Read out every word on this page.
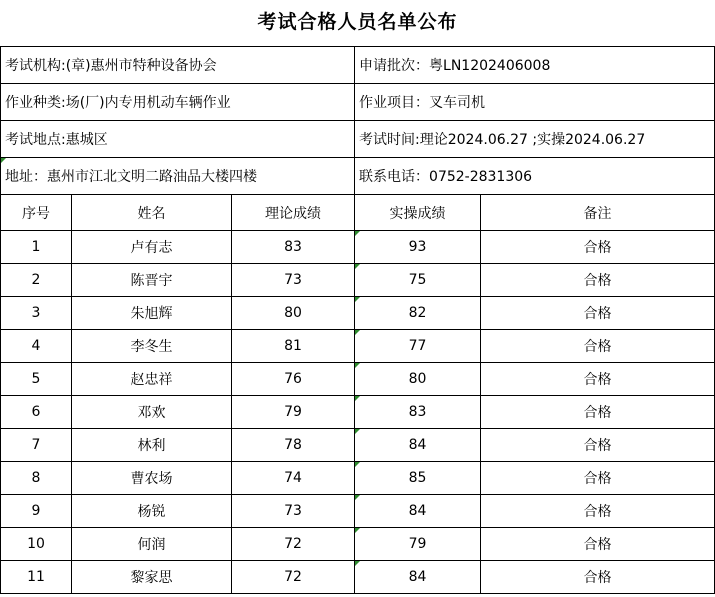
考试合格人员名单公布
考试机构:(章)惠州市特种设备协会			申请批次：粤LN1202406008	
作业种类:场(厂)内专用机动车辆作业			作业项目：叉车司机	
考试地点:惠城区			考试时间:理论2024.06.27 ;实操2024.06.27	
地址：惠州市江北文明二路油品大楼四楼			联系电话：0752-2831306	
序号	姓名	理论成绩	实操成绩	备注
1	卢有志	83	93	合格
2	陈晋宇	73	75	合格
3	朱旭辉	80	82	合格
4	李冬生	81	77	合格
5	赵忠祥	76	80	合格
6	邓欢	79	83	合格
7	林利	78	84	合格
8	曹农场	74	85	合格
9	杨锐	73	84	合格
10	何润	72	79	合格
11	黎家思	72	84	合格
